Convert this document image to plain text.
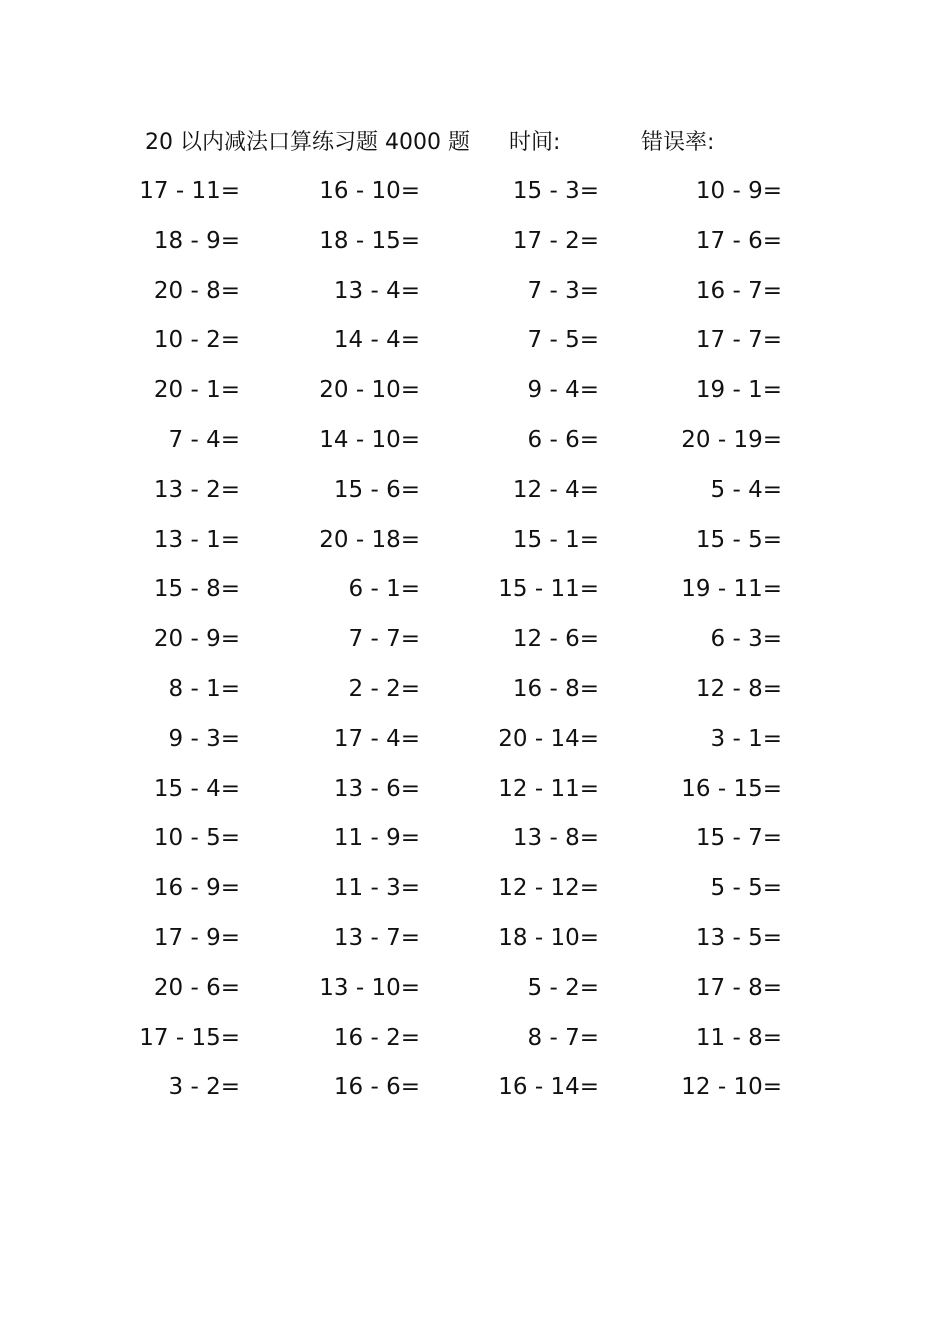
20 以内减法口算练习题 4000 题 时间:	错误率:
17 - 11=	16 - 10=	15 - 3=	10 - 9=
18 - 9=	18 - 15=	17 - 2=	17 - 6=
20 - 8=	13 - 4=	7 - 3=	16 - 7=
10 - 2=	14 - 4=	7 - 5=	17 - 7=
20 - 1=	20 - 10=	9 - 4=	19 - 1=
7 - 4=	14 - 10=	6 - 6=	20 - 19=
13 - 2=	15 - 6=	12 - 4=	5 - 4=
13 - 1=	20 - 18=	15 - 1=	15 - 5=
15 - 8=	6 - 1=	15 - 11=	19 - 11=
20 - 9=	7 - 7=	12 - 6=	6 - 3=
8 - 1=	2 - 2=	16 - 8=	12 - 8=
9 - 3=	17 - 4=	20 - 14=	3 - 1=
15 - 4=	13 - 6=	12 - 11=	16 - 15=
10 - 5=	11 - 9=	13 - 8=	15 - 7=
16 - 9=	11 - 3=	12 - 12=	5 - 5=
17 - 9=	13 - 7=	18 - 10=	13 - 5=
20 - 6=	13 - 10=	5 - 2=	17 - 8=
17 - 15=	16 - 2=	8 - 7=	11 - 8=
3 - 2=	16 - 6=	16 - 14=	12 - 10=
